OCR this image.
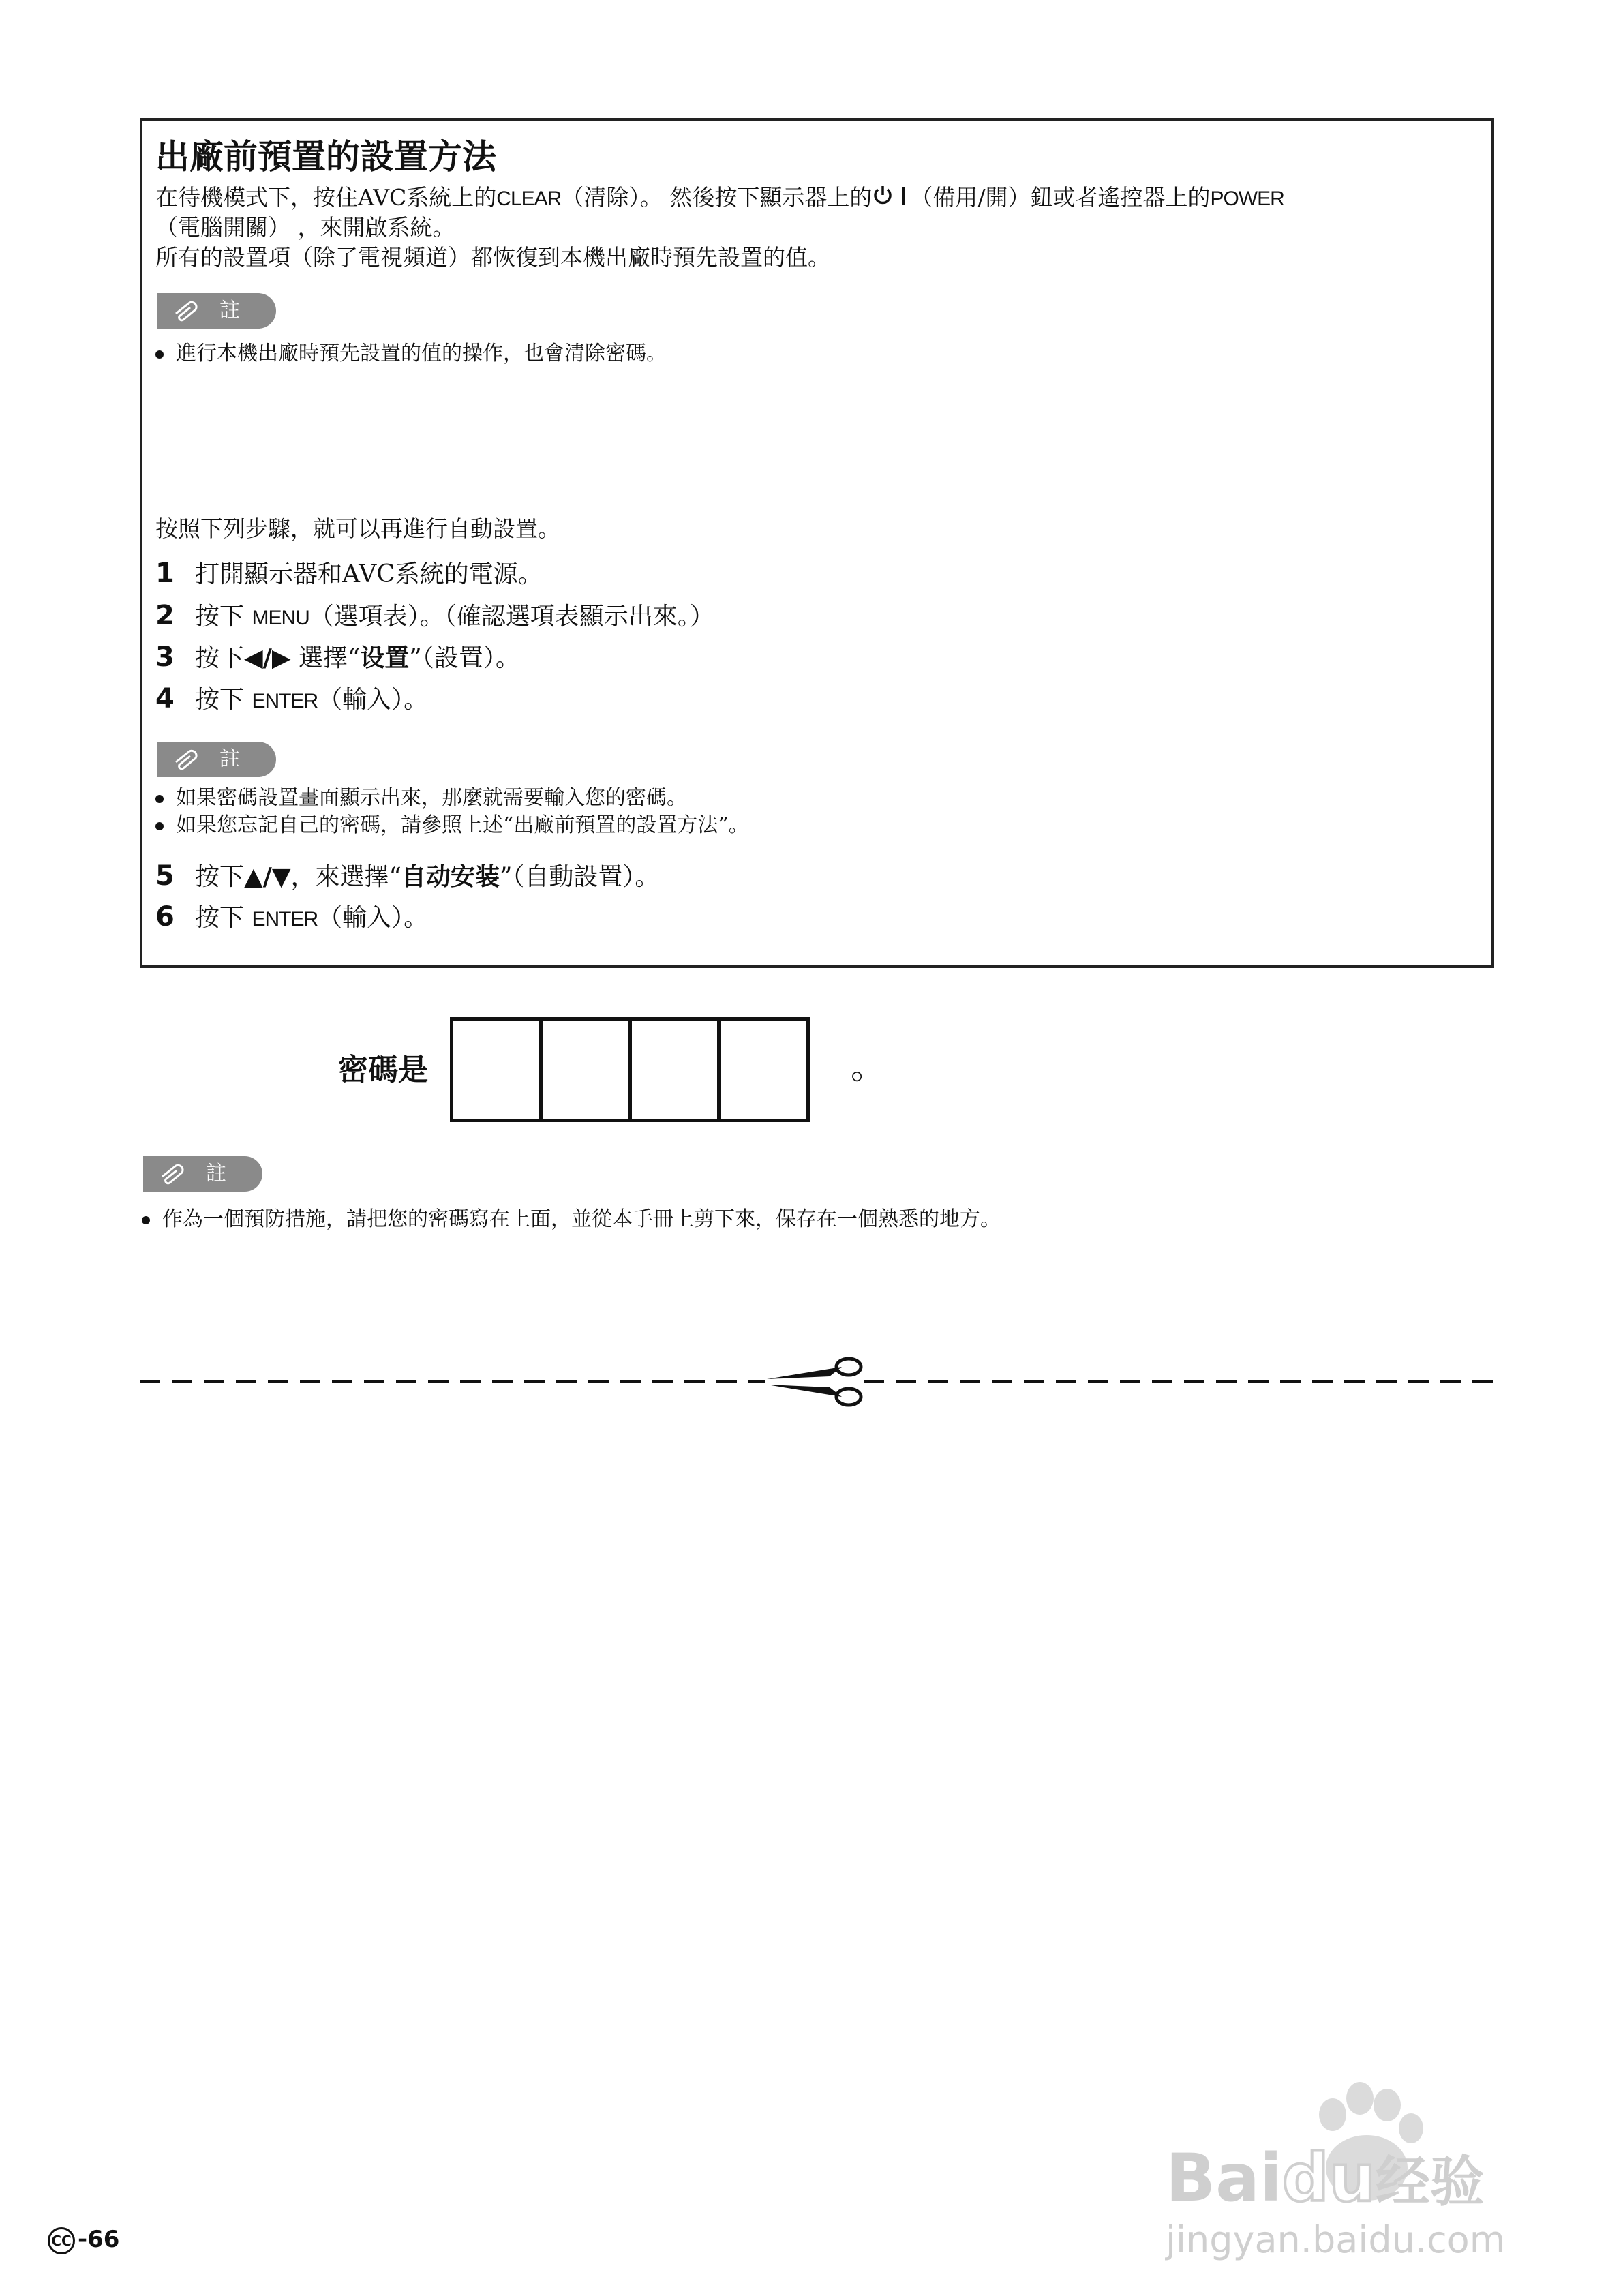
出廠前預置的設置方法
在待機模式下，按住AVC系統上的CLEAR（清除）。 然後按下顯示器上的 （備用/開）鈕或者遙控器上的POWER
（電腦開關） ，來開啟系統。
所有的設置項（除了電視頻道）都恢復到本機出廠時預先設置的值。
註
進行本機出廠時預先設置的值的操作，也會清除密碼。
按照下列步驟，就可以再進行自動設置。
1 打開顯示器和AVC系統的電源。
2 按下 MENU（選項表）。（確認選項表顯示出來。）
3 按下◀/▶ 選擇“设置”（設置）。
4 按下 ENTER（輸入）。
註
如果密碼設置畫面顯示出來，那麼就需要輸入您的密碼。
如果您忘記自己的密碼，請參照上述“出廠前預置的設置方法”。
5 按下▲/▼，來選擇“自动安装”（自動設置）。
6 按下 ENTER（輸入）。
密碼是	。
註
作為一個預防措施，請把您的密碼寫在上面，並從本手冊上剪下來，保存在一個熟悉的地方。
CC -66
Baidu经验
jingyan.baidu.com
